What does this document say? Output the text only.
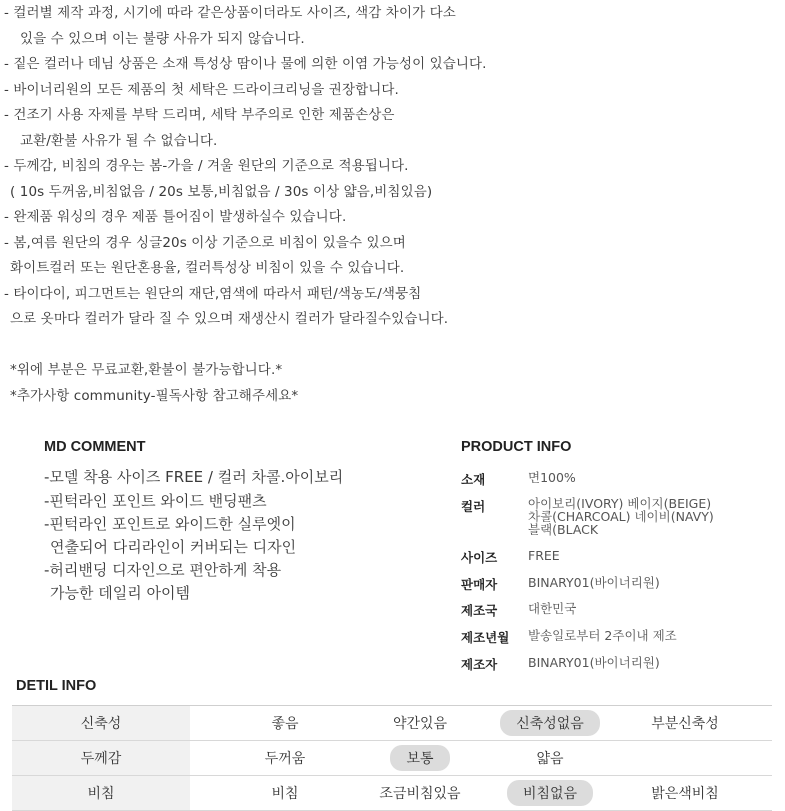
- 컬러별 제작 과정, 시기에 따라 같은상품이더라도 사이즈, 색감 차이가 다소
있을 수 있으며 이는 불량 사유가 되지 않습니다.
- 짙은 컬러나 데님 상품은 소재 특성상 땀이나 물에 의한 이염 가능성이 있습니다.
- 바이너리원의 모든 제품의 첫 세탁은 드라이크리닝을 권장합니다.
- 건조기 사용 자제를 부탁 드리며, 세탁 부주의로 인한 제품손상은
교환/환불 사유가 될 수 없습니다.
- 두께감, 비침의 경우는 봄-가을 / 겨울 원단의 기준으로 적용됩니다.
( 10s 두꺼움,비침없음 / 20s 보통,비침없음 / 30s 이상 얇음,비침있음)
- 완제품 워싱의 경우 제품 틀어짐이 발생하실수 있습니다.
- 봄,여름 원단의 경우 싱글20s 이상 기준으로 비침이 있을수 있으며
화이트컬러 또는 원단혼용율, 컬러특성상 비침이 있을 수 있습니다.
- 타이다이, 피그먼트는 원단의 재단,염색에 따라서 패턴/색농도/색뭉침
으로 옷마다 컬러가 달라 질 수 있으며 재생산시 컬러가 달라질수있습니다.
*위에 부분은 무료교환,환불이 불가능합니다.*
*추가사항 community-필독사항 참고해주세요*
MD COMMENT
-모델 착용 사이즈 FREE / 컬러 차콜.아이보리
-핀턱라인 포인트 와이드 밴딩팬츠
-핀턱라인 포인트로 와이드한 실루엣이
연출되어 다리라인이 커버되는 디자인
-허리밴딩 디자인으로 편안하게 착용
가능한 데일리 아이템
PRODUCT INFO
소재	면100%
컬러	아이보리(IVORY) 베이지(BEIGE)
차콜(CHARCOAL) 네이비(NAVY)
블랙(BLACK
사이즈 FREE
판매자 BINARY01(바이너리원)
제조국 대한민국
제조년월 발송일로부터 2주이내 제조
제조자 BINARY01(바이너리원)
DETIL INFO
신축성	좋음	약간있음	신축성없음	부분신축성
두께감	두꺼움	보통	얇음
비침	비침	조금비침있음	비침없음	밝은색비침
